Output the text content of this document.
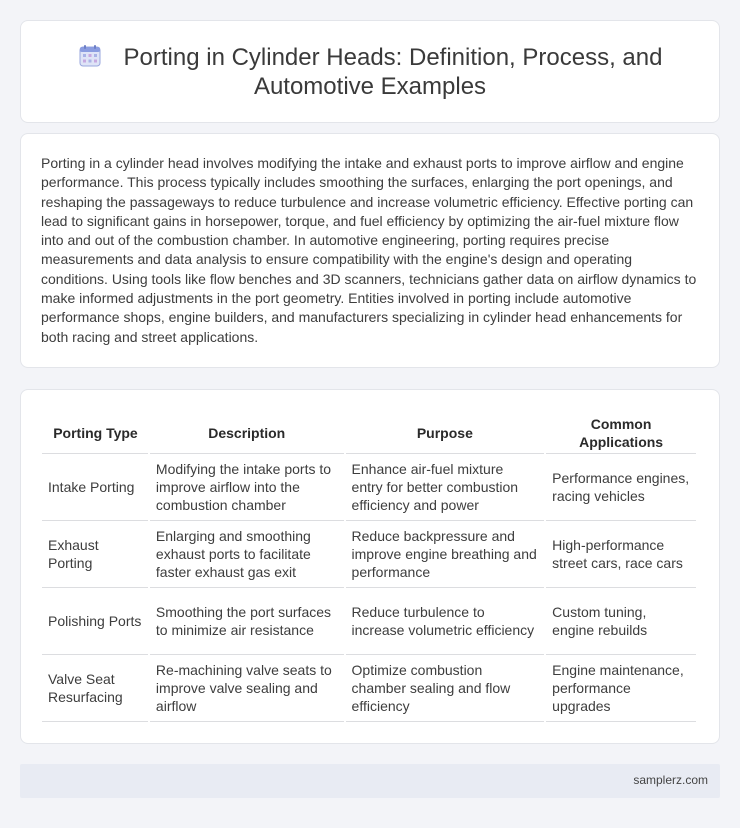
Porting in Cylinder Heads: Definition, Process, and Automotive Examples

Porting in a cylinder head involves modifying the intake and exhaust ports to improve airflow and engine performance. This process typically includes smoothing the surfaces, enlarging the port openings, and reshaping the passageways to reduce turbulence and increase volumetric efficiency. Effective porting can lead to significant gains in horsepower, torque, and fuel efficiency by optimizing the air-fuel mixture flow into and out of the combustion chamber. In automotive engineering, porting requires precise measurements and data analysis to ensure compatibility with the engine's design and operating conditions. Using tools like flow benches and 3D scanners, technicians gather data on airflow dynamics to make informed adjustments in the port geometry. Entities involved in porting include automotive performance shops, engine builders, and manufacturers specializing in cylinder head enhancements for both racing and street applications.

Porting Type	Description	Purpose	Common Applications
Intake Porting	Modifying the intake ports to improve airflow into the combustion chamber	Enhance air-fuel mixture entry for better combustion efficiency and power	Performance engines, racing vehicles
Exhaust Porting	Enlarging and smoothing exhaust ports to facilitate faster exhaust gas exit	Reduce backpressure and improve engine breathing and performance	High-performance street cars, race cars
Polishing Ports	Smoothing the port surfaces to minimize air resistance	Reduce turbulence to increase volumetric efficiency	Custom tuning, engine rebuilds
Valve Seat Resurfacing	Re-machining valve seats to improve valve sealing and airflow	Optimize combustion chamber sealing and flow efficiency	Engine maintenance, performance upgrades
samplerz.com
